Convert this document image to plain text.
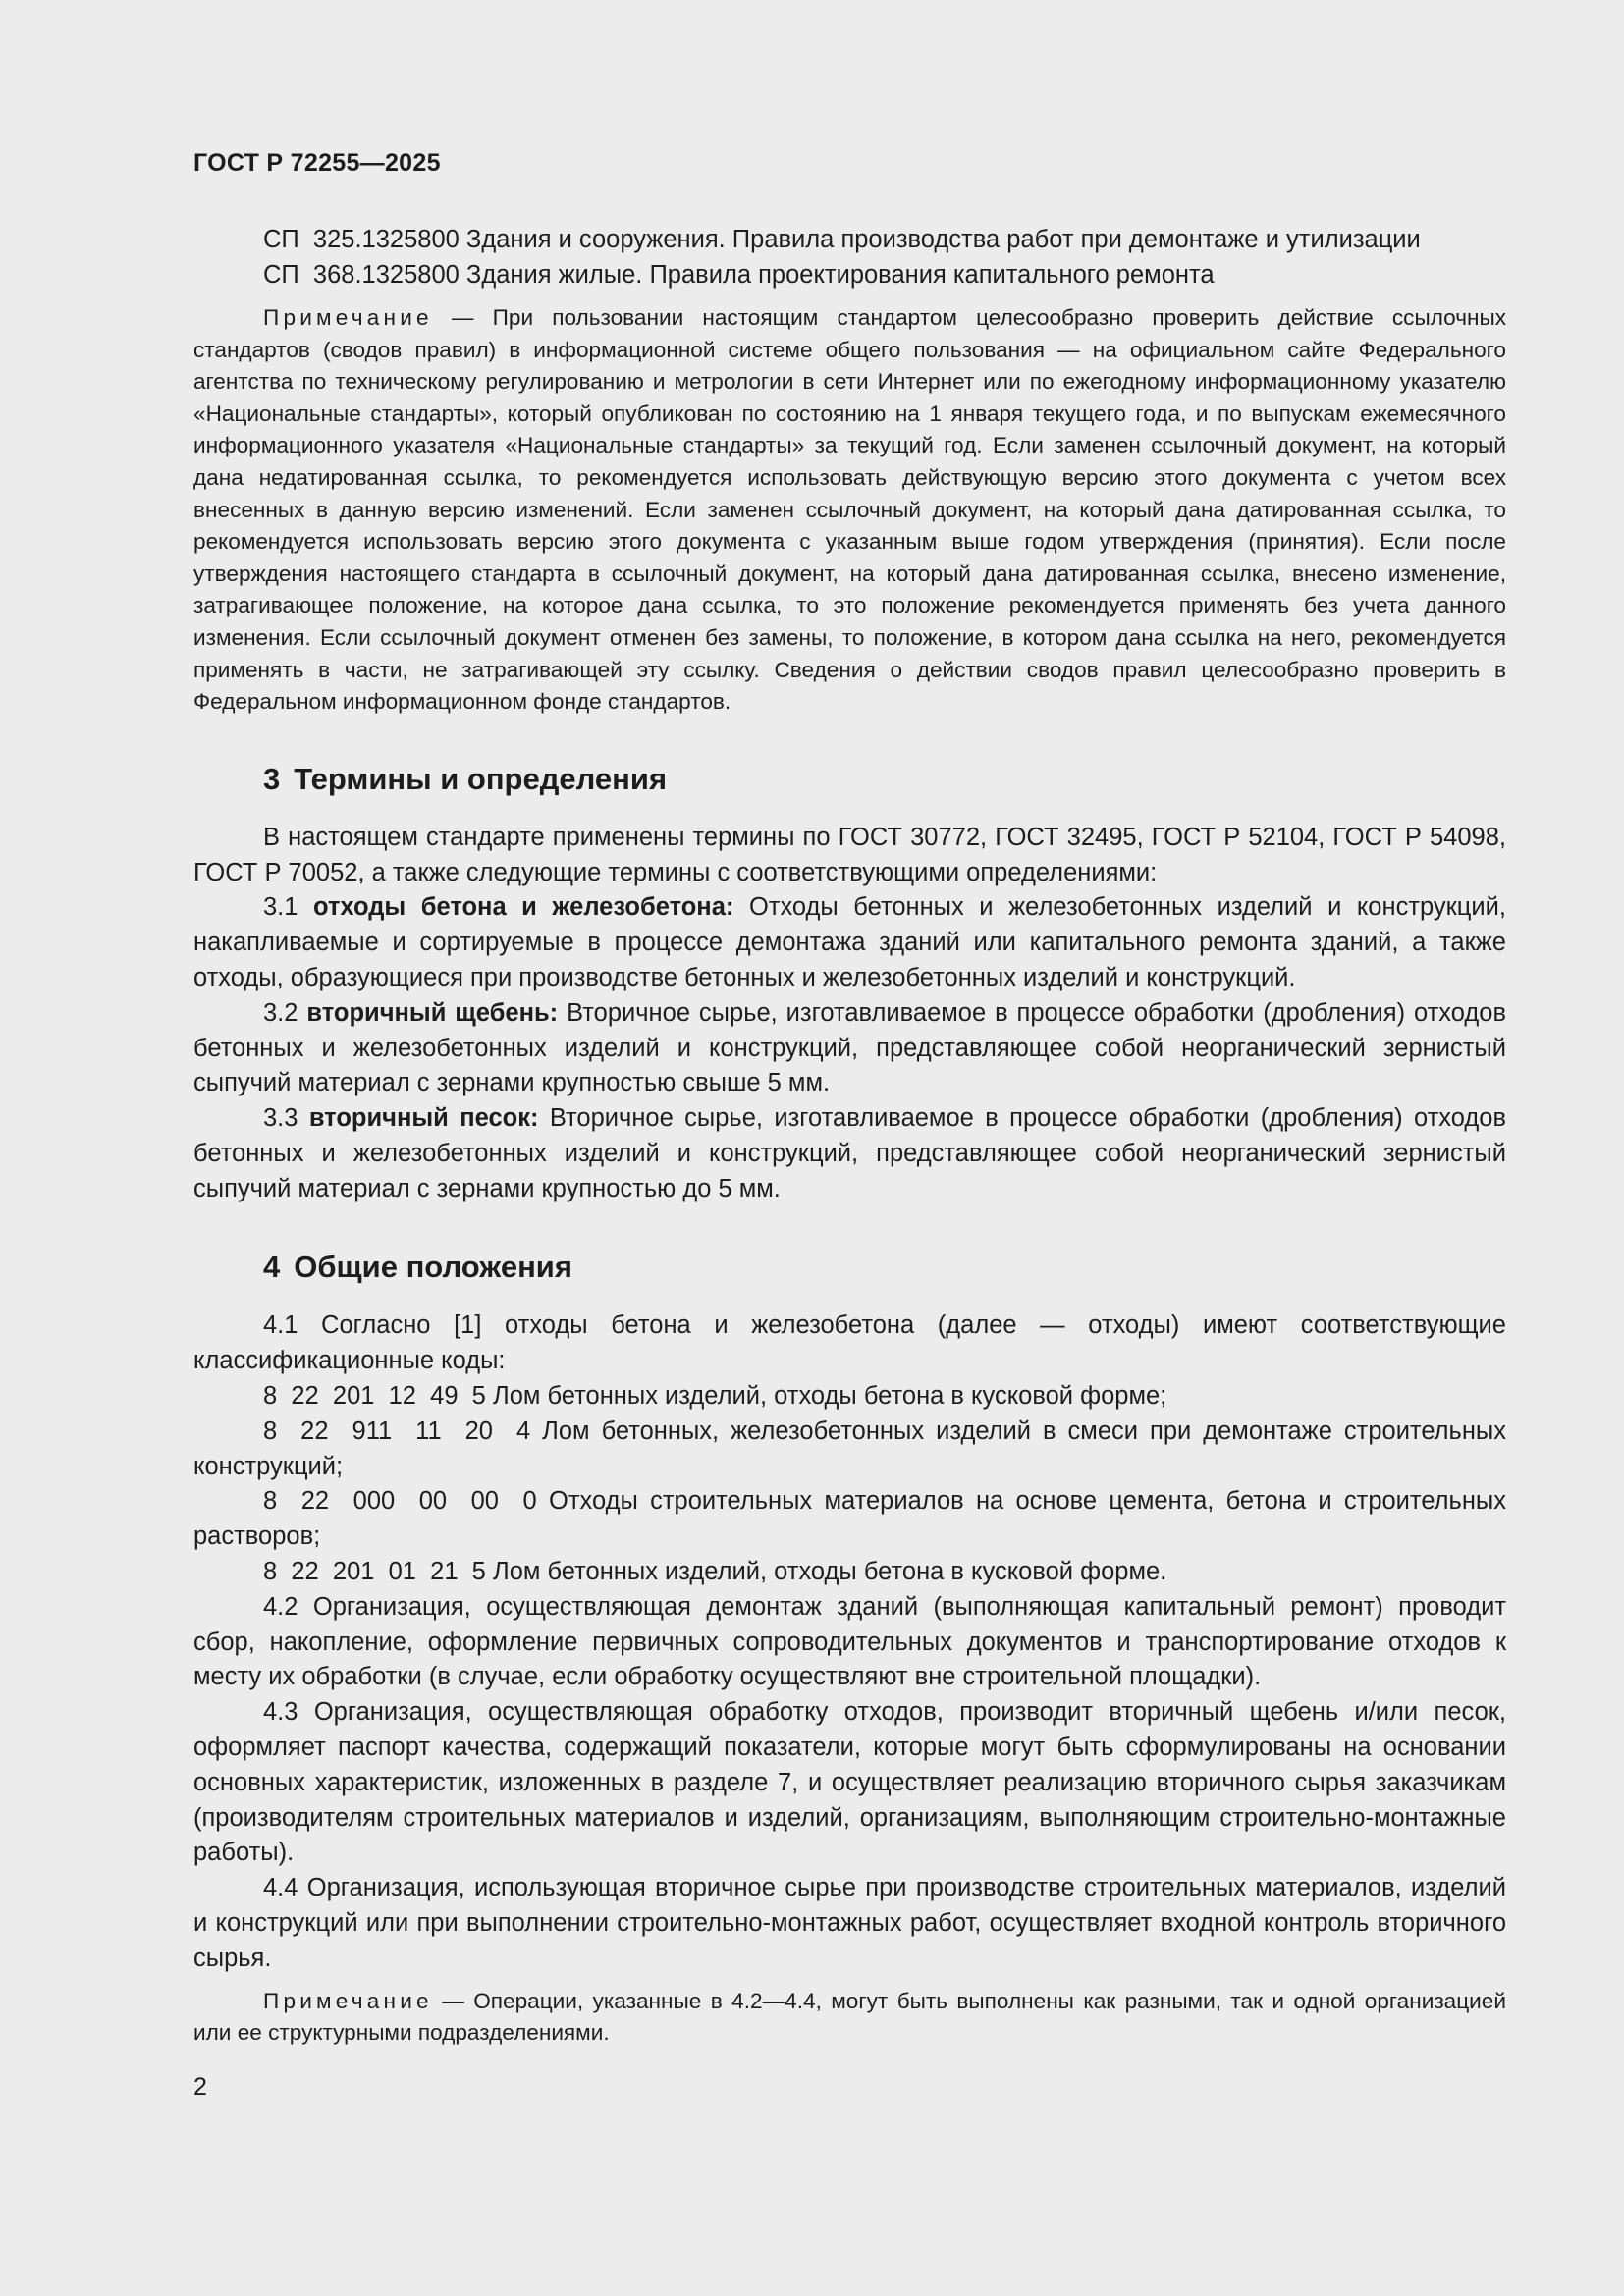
ГОСТ Р 72255—2025
СП  325.1325800 Здания и сооружения. Правила производства работ при демонтаже и утилизации
СП  368.1325800 Здания жилые. Правила проектирования капитального ремонта

Примечание — При пользовании настоящим стандартом целесообразно проверить действие ссылочных стандартов (сводов правил) в информационной системе общего пользования — на официальном сайте Федерального агентства по техническому регулированию и метрологии в сети Интернет или по ежегодному информационному указателю «Национальные стандарты», который опубликован по состоянию на 1 января текущего года, и по выпускам ежемесячного информационного указателя «Национальные стандарты» за текущий год. Если заменен ссылочный документ, на который дана недатированная ссылка, то рекомендуется использовать действующую версию этого документа с учетом всех внесенных в данную версию изменений. Если заменен ссылочный документ, на который дана датированная ссылка, то рекомендуется использовать версию этого документа с указанным выше годом утверждения (принятия). Если после утверждения настоящего стандарта в ссылочный документ, на который дана датированная ссылка, внесено изменение, затрагивающее положение, на которое дана ссылка, то это положение рекомендуется применять без учета данного изменения. Если ссылочный документ отменен без замены, то положение, в котором дана ссылка на него, рекомендуется применять в части, не затрагивающей эту ссылку. Сведения о действии сводов правил целесообразно проверить в Федеральном информационном фонде стандартов.

3 Термины и определения

В настоящем стандарте применены термины по ГОСТ 30772, ГОСТ 32495, ГОСТ Р 52104, ГОСТ Р 54098, ГОСТ Р 70052, а также следующие термины с соответствующими определениями:

3.1 отходы бетона и железобетона: Отходы бетонных и железобетонных изделий и конструкций, накапливаемые и сортируемые в процессе демонтажа зданий или капитального ремонта зданий, а также отходы, образующиеся при производстве бетонных и железобетонных изделий и конструкций.

3.2 вторичный щебень: Вторичное сырье, изготавливаемое в процессе обработки (дробления) отходов бетонных и железобетонных изделий и конструкций, представляющее собой неорганический зернистый сыпучий материал с зернами крупностью свыше 5 мм.

3.3 вторичный песок: Вторичное сырье, изготавливаемое в процессе обработки (дробления) отходов бетонных и железобетонных изделий и конструкций, представляющее собой неорганический зернистый сыпучий материал с зернами крупностью до 5 мм.

4 Общие положения

4.1 Согласно [1] отходы бетона и железобетона (далее — отходы) имеют соответствующие классификационные коды:

8  22  201  12  49  5 Лом бетонных изделий, отходы бетона в кусковой форме;

8  22  911  11  20  4 Лом бетонных, железобетонных изделий в смеси при демонтаже строительных конструкций;

8  22  000  00  00  0 Отходы строительных материалов на основе цемента, бетона и строительных растворов;

8  22  201  01  21  5 Лом бетонных изделий, отходы бетона в кусковой форме.

4.2 Организация, осуществляющая демонтаж зданий (выполняющая капитальный ремонт) проводит сбор, накопление, оформление первичных сопроводительных документов и транспортирование отходов к месту их обработки (в случае, если обработку осуществляют вне строительной площадки).

4.3 Организация, осуществляющая обработку отходов, производит вторичный щебень и/или песок, оформляет паспорт качества, содержащий показатели, которые могут быть сформулированы на основании основных характеристик, изложенных в разделе 7, и осуществляет реализацию вторичного сырья заказчикам (производителям строительных материалов и изделий, организациям, выполняющим строительно-монтажные работы).

4.4 Организация, использующая вторичное сырье при производстве строительных материалов, изделий и конструкций или при выполнении строительно-монтажных работ, осуществляет входной контроль вторичного сырья.

Примечание — Операции, указанные в 4.2—4.4, могут быть выполнены как разными, так и одной организацией или ее структурными подразделениями.

2
